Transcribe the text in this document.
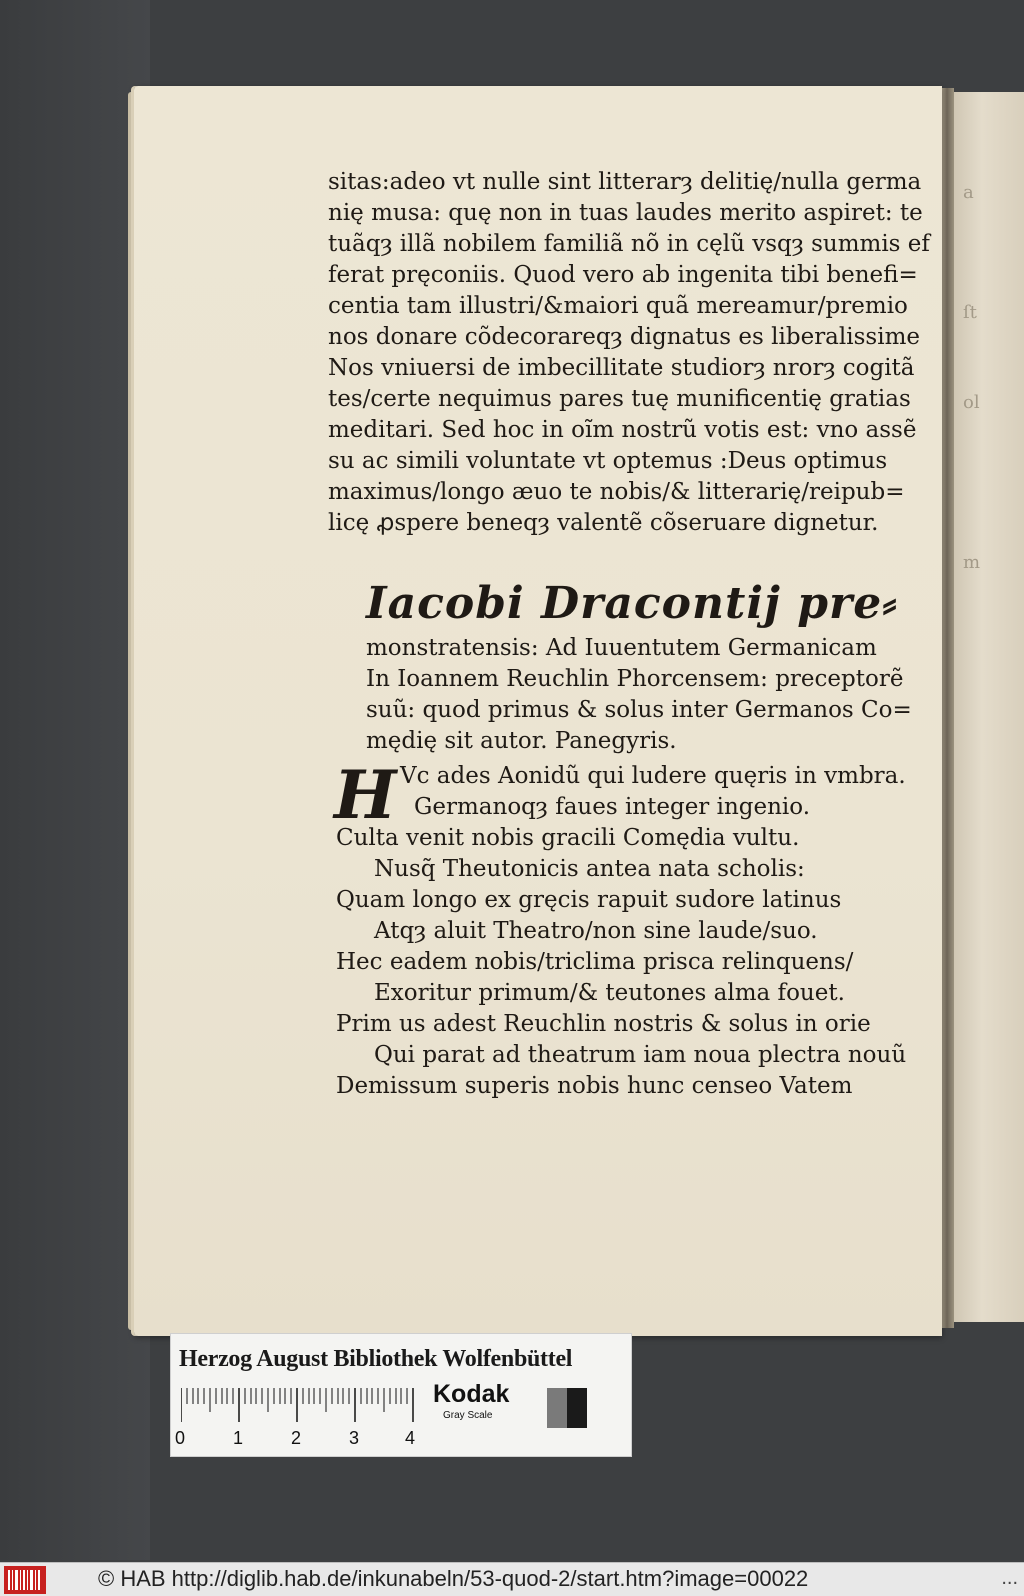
a
ſt
ol
m
sitas:adeo vt nulle sint litterarȝ delitię/nulla germa
nię musa: quę non in tuas laudes merito aspiret: te
tuãqȝ illã nobilem familiã nõ in cęlũ vsqȝ summis ef
ferat pręconiis. Quod vero ab ingenita tibi benefi=
centia tam illustri/&maiori quã mereamur/premio
nos donare cõdecorareqȝ dignatus es liberalissime
Nos vniuersi de imbecillitate studiorȝ nrorȝ cogitã
tes/certe nequimus pares tuę munificentię gratias
meditari. Sed hoc in oĩm nostrũ votis est: vno assẽ
su ac simili voluntate vt optemus :Deus optimus
maximus/longo æuo te nobis/& litterarię/reipub=
licę ꝓspere beneqȝ valentẽ cõseruare dignetur.
Iacobi Dracontij pre⸗
monstratensis: Ad Iuuentutem Germanicam
In Ioannem Reuchlin Phorcensem: preceptorẽ
suũ: quod primus & solus inter Germanos Co=
mędię sit autor. Panegyris.
H Vc ades Aonidũ qui ludere quęris in vmbra.
Germanoqȝ faues integer ingenio.
Culta venit nobis gracili Comędia vultu.
Nusq̃ Theutonicis antea nata scholis:
Quam longo ex gręcis rapuit sudore latinus
Atqȝ aluit Theatro/non sine laude/suo.
Hec eadem nobis/triclima prisca relinquens/
Exoritur primum/& teutones alma fouet.
Prim us adest Reuchlin nostris & solus in orie
Qui parat ad theatrum iam noua plectra nouũ
Demissum superis nobis hunc censeo Vatem
Herzog August Bibliothek Wolfenbüttel
0	1	2	3	4
Kodak
Gray Scale
© HAB http://diglib.hab.de/inkunabeln/53-quod-2/start.htm?image=00022	...
